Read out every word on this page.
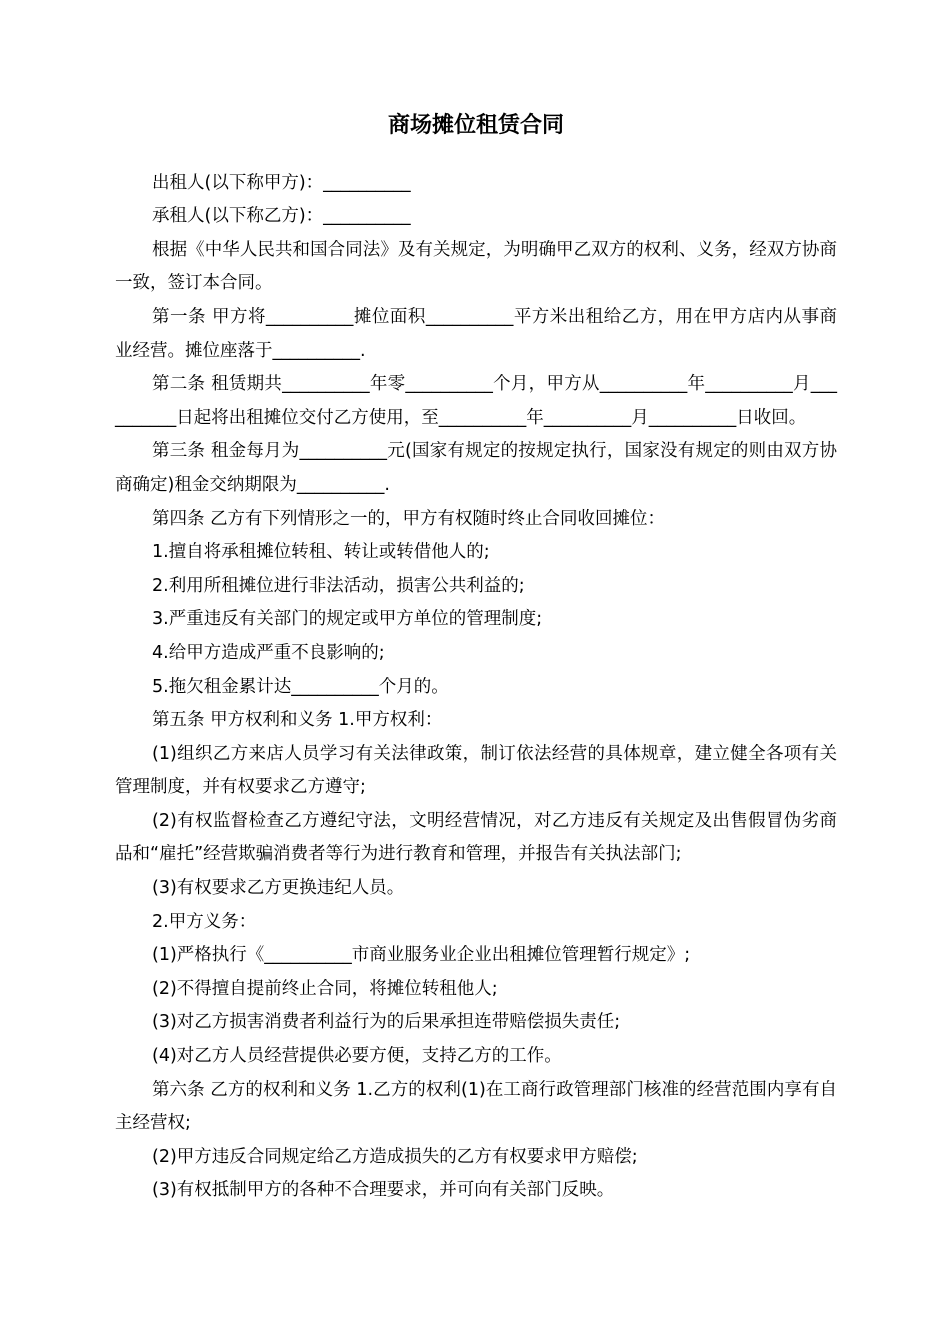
商场摊位租赁合同

出租人(以下称甲方)：__________

承租人(以下称乙方)：__________

根据《中华人民共和国合同法》及有关规定，为明确甲乙双方的权利、义务，经双方协商一致，签订本合同。

第一条 甲方将__________摊位面积__________平方米出租给乙方，用在甲方店内从事商业经营。摊位座落于__________.

第二条 租赁期共__________年零__________个月，甲方从__________年__________月__________日起将出租摊位交付乙方使用，至__________年__________月__________日收回。

第三条 租金每月为__________元(国家有规定的按规定执行，国家没有规定的则由双方协商确定)租金交纳期限为__________.

第四条 乙方有下列情形之一的，甲方有权随时终止合同收回摊位：

1.擅自将承租摊位转租、转让或转借他人的;

2.利用所租摊位进行非法活动，损害公共利益的;

3.严重违反有关部门的规定或甲方单位的管理制度;

4.给甲方造成严重不良影响的;

5.拖欠租金累计达__________个月的。

第五条 甲方权利和义务 1.甲方权利：

(1)组织乙方来店人员学习有关法律政策，制订依法经营的具体规章，建立健全各项有关管理制度，并有权要求乙方遵守;

(2)有权监督检查乙方遵纪守法，文明经营情况，对乙方违反有关规定及出售假冒伪劣商品和“雇托”经营欺骗消费者等行为进行教育和管理，并报告有关执法部门;

(3)有权要求乙方更换违纪人员。

2.甲方义务：

(1)严格执行《__________市商业服务业企业出租摊位管理暂行规定》;

(2)不得擅自提前终止合同，将摊位转租他人;

(3)对乙方损害消费者利益行为的后果承担连带赔偿损失责任;

(4)对乙方人员经营提供必要方便，支持乙方的工作。

第六条 乙方的权利和义务 1.乙方的权利(1)在工商行政管理部门核准的经营范围内享有自主经营权;

(2)甲方违反合同规定给乙方造成损失的乙方有权要求甲方赔偿;

(3)有权抵制甲方的各种不合理要求，并可向有关部门反映。
